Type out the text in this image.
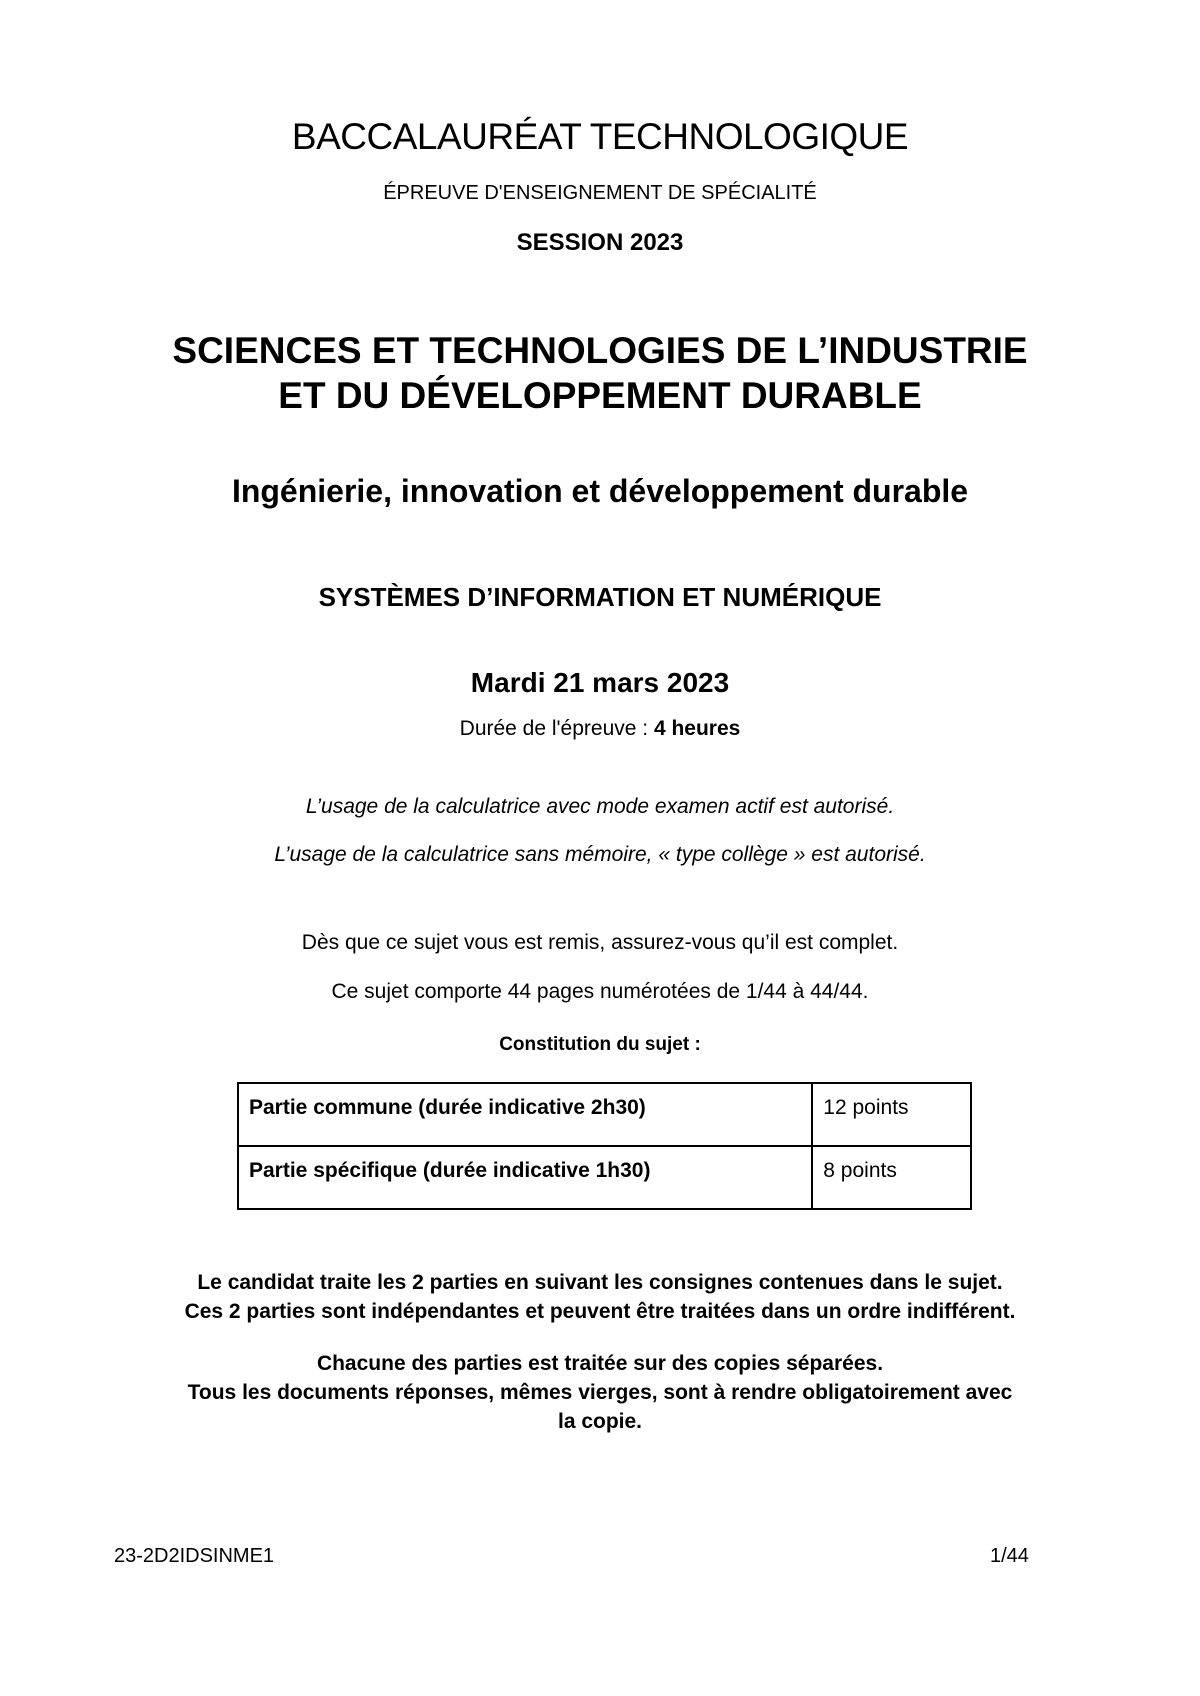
BACCALAURÉAT TECHNOLOGIQUE
ÉPREUVE D'ENSEIGNEMENT DE SPÉCIALITÉ
SESSION 2023
SCIENCES ET TECHNOLOGIES DE L’INDUSTRIE
ET DU DÉVELOPPEMENT DURABLE
Ingénierie, innovation et développement durable
SYSTÈMES D’INFORMATION ET NUMÉRIQUE
Mardi 21 mars 2023
Durée de l'épreuve : 4 heures
L’usage de la calculatrice avec mode examen actif est autorisé.
L’usage de la calculatrice sans mémoire, « type collège » est autorisé.
Dès que ce sujet vous est remis, assurez-vous qu’il est complet.
Ce sujet comporte 44 pages numérotées de 1/44 à 44/44.
Constitution du sujet :
Partie commune (durée indicative 2h30)	12 points
Partie spécifique (durée indicative 1h30)	8 points
Le candidat traite les 2 parties en suivant les consignes contenues dans le sujet.
Ces 2 parties sont indépendantes et peuvent être traitées dans un ordre indifférent.
Chacune des parties est traitée sur des copies séparées.
Tous les documents réponses, mêmes vierges, sont à rendre obligatoirement avec
la copie.
23-2D2IDSINME1	1/44
